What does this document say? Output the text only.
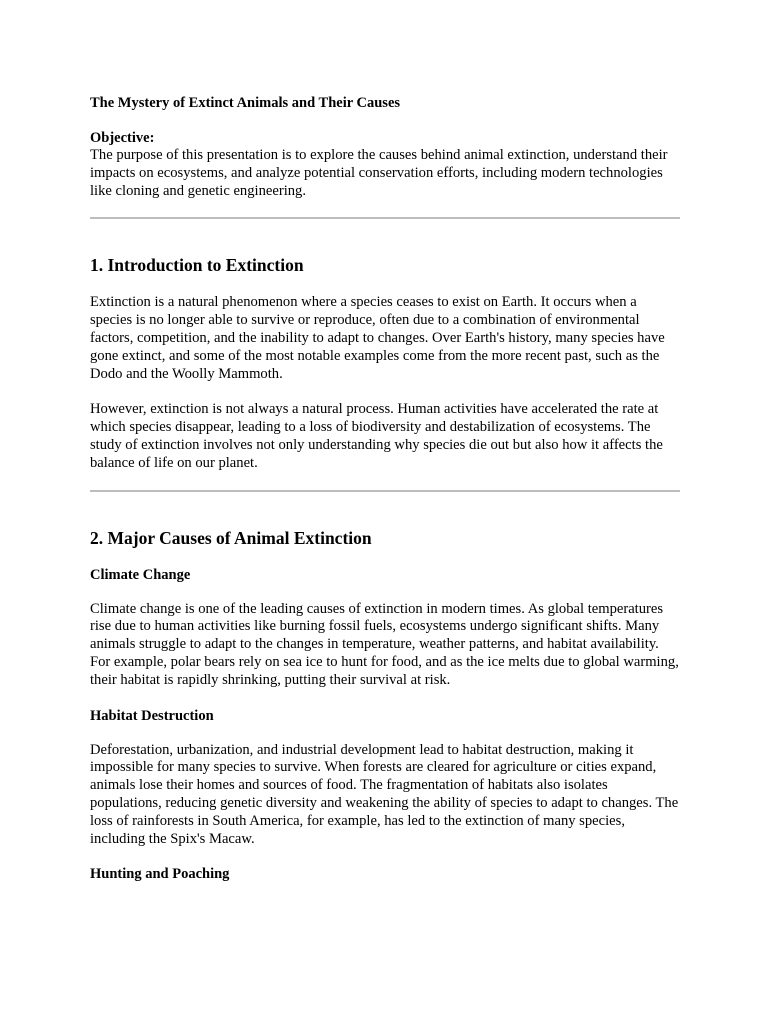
The Mystery of Extinct Animals and Their Causes
Objective:

The purpose of this presentation is to explore the causes behind animal extinction, understand their impacts on ecosystems, and analyze potential conservation efforts, including modern technologies like cloning and genetic engineering.

1. Introduction to Extinction

Extinction is a natural phenomenon where a species ceases to exist on Earth. It occurs when a species is no longer able to survive or reproduce, often due to a combination of environmental factors, competition, and the inability to adapt to changes. Over Earth's history, many species have gone extinct, and some of the most notable examples come from the more recent past, such as the Dodo and the Woolly Mammoth.

However, extinction is not always a natural process. Human activities have accelerated the rate at which species disappear, leading to a loss of biodiversity and destabilization of ecosystems. The study of extinction involves not only understanding why species die out but also how it affects the balance of life on our planet.

2. Major Causes of Animal Extinction
Climate Change

Climate change is one of the leading causes of extinction in modern times. As global temperatures rise due to human activities like burning fossil fuels, ecosystems undergo significant shifts. Many animals struggle to adapt to the changes in temperature, weather patterns, and habitat availability. For example, polar bears rely on sea ice to hunt for food, and as the ice melts due to global warming, their habitat is rapidly shrinking, putting their survival at risk.

Habitat Destruction

Deforestation, urbanization, and industrial development lead to habitat destruction, making it impossible for many species to survive. When forests are cleared for agriculture or cities expand, animals lose their homes and sources of food. The fragmentation of habitats also isolates populations, reducing genetic diversity and weakening the ability of species to adapt to changes. The loss of rainforests in South America, for example, has led to the extinction of many species, including the Spix's Macaw.

Hunting and Poaching
